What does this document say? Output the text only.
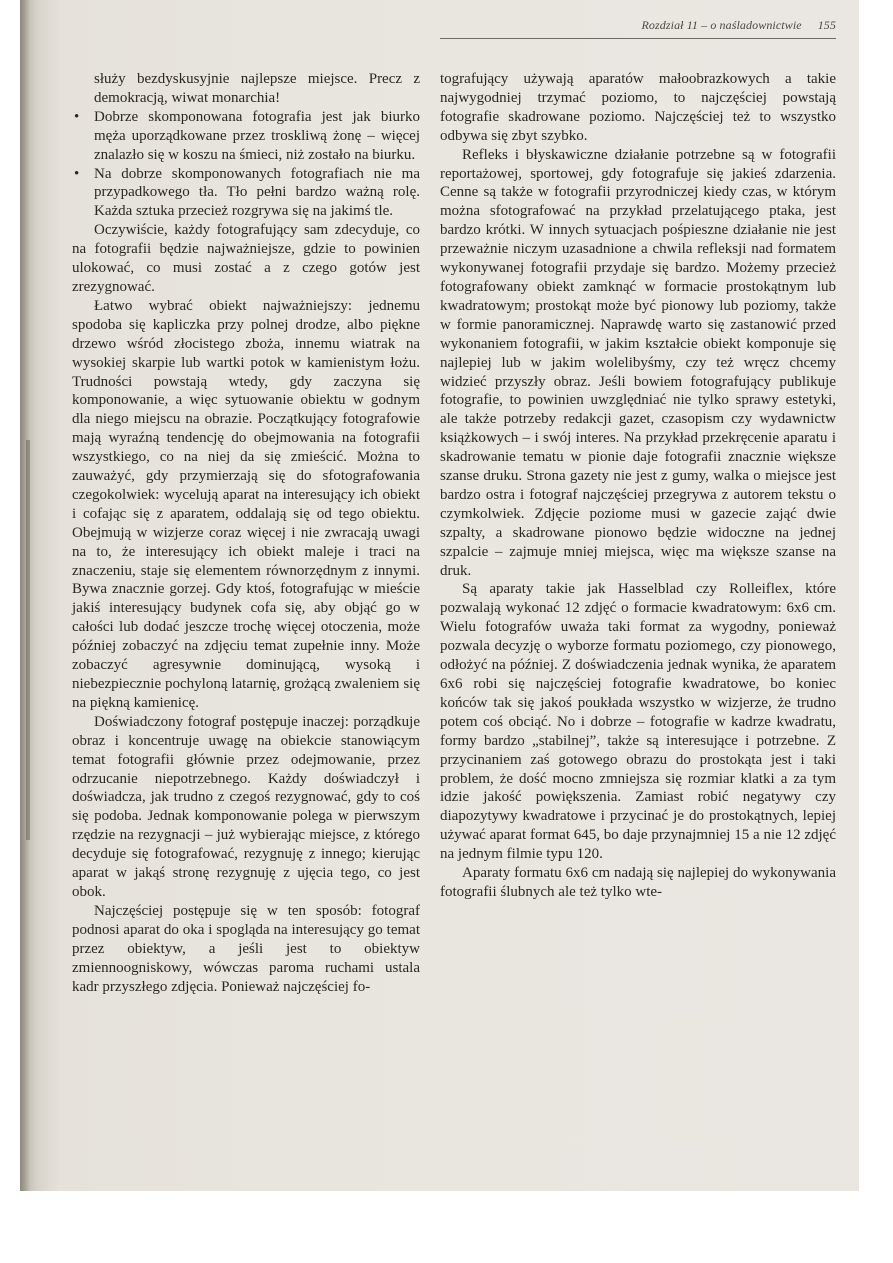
Rozdział 11 – o naśladownictwie 155

służy bezdyskusyjnie najlepsze miejsce. Precz z demokracją, wiwat monarchia!

• Dobrze skomponowana fotografia jest jak biurko męża uporządkowane przez troskliwą żonę – więcej znalazło się w koszu na śmieci, niż zostało na biurku.
• Na dobrze skomponowanych fotografiach nie ma przypadkowego tła. Tło pełni bardzo ważną rolę. Każda sztuka przecież rozgrywa się na jakimś tle.

Oczywiście, każdy fotografujący sam zdecyduje, co na fotografii będzie najważniejsze, gdzie to powinien ulokować, co musi zostać a z czego gotów jest zrezygnować.

Łatwo wybrać obiekt najważniejszy: jednemu spodoba się kapliczka przy polnej drodze, albo piękne drzewo wśród złocistego zboża, innemu wiatrak na wysokiej skarpie lub wartki potok w kamienistym łożu. Trudności powstają wtedy, gdy zaczyna się komponowanie, a więc sytuowanie obiektu w godnym dla niego miejscu na obrazie. Początkujący fotografowie mają wyraźną tendencję do obejmowania na fotografii wszystkiego, co na niej da się zmieścić. Można to zauważyć, gdy przymierzają się do sfotografowania czegokolwiek: wycelują aparat na interesujący ich obiekt i cofając się z aparatem, oddalają się od tego obiektu. Obejmują w wizjerze coraz więcej i nie zwracają uwagi na to, że interesujący ich obiekt maleje i traci na znaczeniu, staje się elementem równorzędnym z innymi. Bywa znacznie gorzej. Gdy ktoś, fotografując w mieście jakiś interesujący budynek cofa się, aby objąć go w całości lub dodać jeszcze trochę więcej otoczenia, może później zobaczyć na zdjęciu temat zupełnie inny. Może zobaczyć agresywnie dominującą, wysoką i niebezpiecznie pochyloną latarnię, grożącą zwaleniem się na piękną kamienicę.

Doświadczony fotograf postępuje inaczej: porządkuje obraz i koncentruje uwagę na obiekcie stanowiącym temat fotografii głównie przez odejmowanie, przez odrzucanie niepotrzebnego. Każdy doświadczył i doświadcza, jak trudno z czegoś rezygnować, gdy to coś się podoba. Jednak komponowanie polega w pierwszym rzędzie na rezygnacji – już wybierając miejsce, z którego decyduje się fotografować, rezygnuję z innego; kierując aparat w jakąś stronę rezygnuję z ujęcia tego, co jest obok.

Najczęściej postępuje się w ten sposób: fotograf podnosi aparat do oka i spogląda na interesujący go temat przez obiektyw, a jeśli jest to obiektyw zmiennoogniskowy, wówczas paroma ruchami ustala kadr przyszłego zdjęcia. Ponieważ najczęściej fo-

tografujący używają aparatów małoobrazkowych a takie najwygodniej trzymać poziomo, to najczęściej powstają fotografie skadrowane poziomo. Najczęściej też to wszystko odbywa się zbyt szybko.

Refleks i błyskawiczne działanie potrzebne są w fotografii reportażowej, sportowej, gdy fotografuje się jakieś zdarzenia. Cenne są także w fotografii przyrodniczej kiedy czas, w którym można sfotografować na przykład przelatującego ptaka, jest bardzo krótki. W innych sytuacjach pośpieszne działanie nie jest przeważnie niczym uzasadnione a chwila refleksji nad formatem wykonywanej fotografii przydaje się bardzo. Możemy przecież fotografowany obiekt zamknąć w formacie prostokątnym lub kwadratowym; prostokąt może być pionowy lub poziomy, także w formie panoramicznej. Naprawdę warto się zastanowić przed wykonaniem fotografii, w jakim kształcie obiekt komponuje się najlepiej lub w jakim wolelibyśmy, czy też wręcz chcemy widzieć przyszły obraz. Jeśli bowiem fotografujący publikuje fotografie, to powinien uwzględniać nie tylko sprawy estetyki, ale także potrzeby redakcji gazet, czasopism czy wydawnictw książkowych – i swój interes. Na przykład przekręcenie aparatu i skadrowanie tematu w pionie daje fotografii znacznie większe szanse druku. Strona gazety nie jest z gumy, walka o miejsce jest bardzo ostra i fotograf najczęściej przegrywa z autorem tekstu o czymkolwiek. Zdjęcie poziome musi w gazecie zająć dwie szpalty, a skadrowane pionowo będzie widoczne na jednej szpalcie – zajmuje mniej miejsca, więc ma większe szanse na druk.

Są aparaty takie jak Hasselblad czy Rolleiflex, które pozwalają wykonać 12 zdjęć o formacie kwadratowym: 6x6 cm. Wielu fotografów uważa taki format za wygodny, ponieważ pozwala decyzję o wyborze formatu poziomego, czy pionowego, odłożyć na później. Z doświadczenia jednak wynika, że aparatem 6x6 robi się najczęściej fotografie kwadratowe, bo koniec końców tak się jakoś poukłada wszystko w wizjerze, że trudno potem coś obciąć. No i dobrze – fotografie w kadrze kwadratu, formy bardzo „stabilnej”, także są interesujące i potrzebne. Z przycinaniem zaś gotowego obrazu do prostokąta jest i taki problem, że dość mocno zmniejsza się rozmiar klatki a za tym idzie jakość powiększenia. Zamiast robić negatywy czy diapozytywy kwadratowe i przycinać je do prostokątnych, lepiej używać aparat format 645, bo daje przynajmniej 15 a nie 12 zdjęć na jednym filmie typu 120.

Aparaty formatu 6x6 cm nadają się najlepiej do wykonywania fotografii ślubnych ale też tylko wte-
